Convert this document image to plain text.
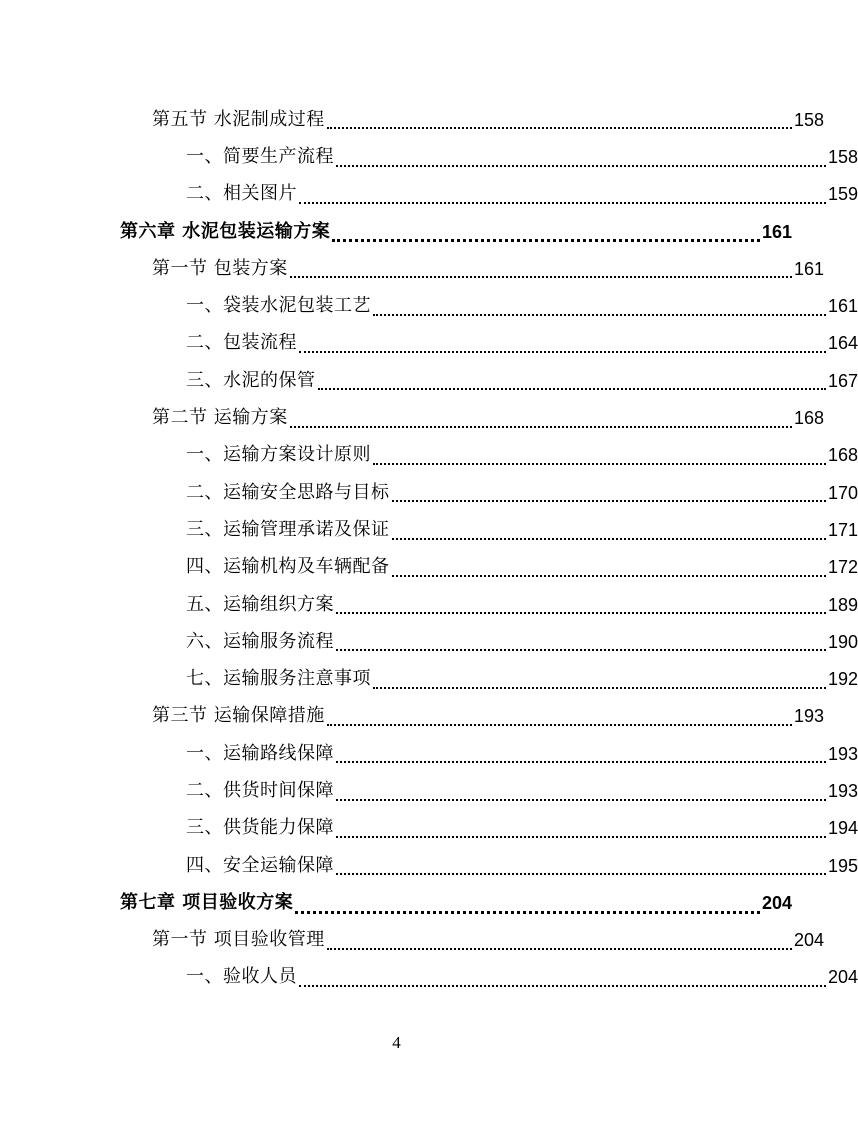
第五节 水泥制成过程	158
一、简要生产流程	158
二、相关图片	159
第六章 水泥包装运输方案	161
第一节 包装方案	161
一、袋装水泥包装工艺	161
二、包装流程	164
三、水泥的保管	167
第二节 运输方案	168
一、运输方案设计原则	168
二、运输安全思路与目标	170
三、运输管理承诺及保证	171
四、运输机构及车辆配备	172
五、运输组织方案	189
六、运输服务流程	190
七、运输服务注意事项	192
第三节 运输保障措施	193
一、运输路线保障	193
二、供货时间保障	193
三、供货能力保障	194
四、安全运输保障	195
第七章 项目验收方案	204
第一节 项目验收管理	204
一、验收人员	204
4
